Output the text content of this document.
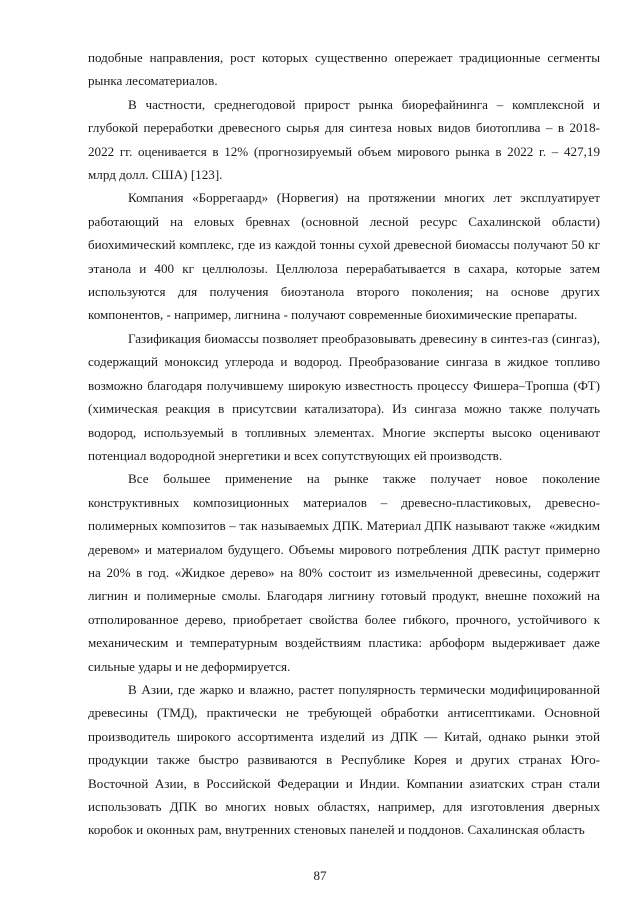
подобные направления, рост которых существенно опережает традиционные сегменты рынка лесоматериалов.

В частности, среднегодовой прирост рынка биорефайнинга – комплексной и глубокой переработки древесного сырья для синтеза новых видов биотоплива – в 2018-2022 гг. оценивается в 12% (прогнозируемый объем мирового рынка в 2022 г. – 427,19 млрд долл. США) [123].

Компания «Боррегаард» (Норвегия) на протяжении многих лет эксплуатирует работающий на еловых бревнах (основной лесной ресурс Сахалинской области) биохимический комплекс, где из каждой тонны сухой древесной биомассы получают 50 кг этанола и 400 кг целлюлозы. Целлюлоза перерабатывается в сахара, которые затем используются для получения биоэтанола второго поколения; на основе других компонентов, - например, лигнина - получают современные биохимические препараты.

Газификация биомассы позволяет преобразовывать древесину в синтез-газ (сингаз), содержащий моноксид углерода и водород. Преобразование сингаза в жидкое топливо возможно благодаря получившему широкую известность процессу Фишера–Тропша (ФТ) (химическая реакция в присутсвии катализатора). Из сингаза можно также получать водород, используемый в топливных элементах. Многие эксперты высоко оценивают потенциал водородной энергетики и всех сопутствующих ей производств.

Все большее применение на рынке также получает новое поколение конструктивных композиционных материалов – древесно-пластиковых, древесно-полимерных композитов – так называемых ДПК. Материал ДПК называют также «жидким деревом» и материалом будущего. Объемы мирового потребления ДПК растут примерно на 20% в год. «Жидкое дерево» на 80% состоит из измельченной древесины, содержит лигнин и полимерные смолы. Благодаря лигнину готовый продукт, внешне похожий на отполированное дерево, приобретает свойства более гибкого, прочного, устойчивого к механическим и температурным воздействиям пластика: арбоформ выдерживает даже сильные удары и не деформируется.

В Азии, где жарко и влажно, растет популярность термически модифицированной древесины (ТМД), практически не требующей обработки антисептиками. Основной производитель широкого ассортимента изделий из ДПК — Китай, однако рынки этой продукции также быстро развиваются в Республике Корея и других странах Юго-Восточной Азии, в Российской Федерации и Индии. Компании азиатских стран стали использовать ДПК во многих новых областях, например, для изготовления дверных коробок и оконных рам, внутренних стеновых панелей и поддонов. Сахалинская область

87
